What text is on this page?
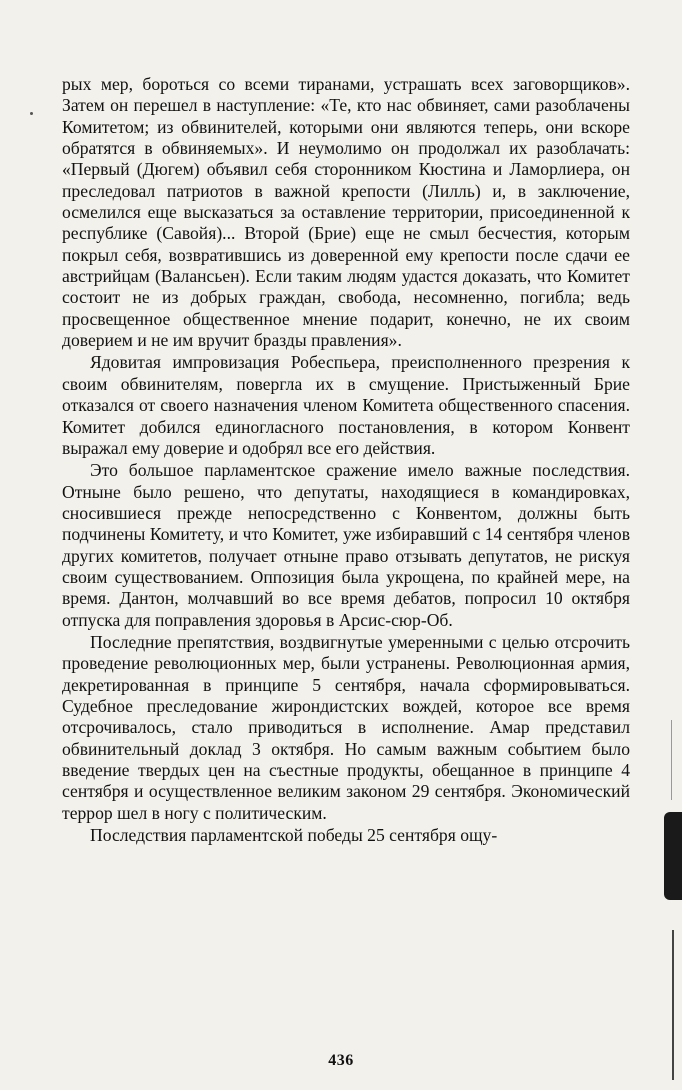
рых мер, бороться со всеми тиранами, устрашать всех заговорщиков». Затем он перешел в наступление: «Те, кто нас обвиняет, сами разоблачены Комитетом; из обвинителей, которыми они являются теперь, они вскоре обратятся в обвиняемых». И неумолимо он продолжал их разоблачать: «Первый (Дюгем) объявил себя сторонником Кюстина и Ламорлиера, он преследовал патриотов в важной крепости (Лилль) и, в заключение, осмелился еще высказаться за оставление территории, присоединенной к республике (Савойя)... Второй (Брие) еще не смыл бесчестия, которым покрыл себя, возвратившись из доверенной ему крепости после сдачи ее австрийцам (Валансьен). Если таким людям удастся доказать, что Комитет состоит не из добрых граждан, свобода, несомненно, погибла; ведь просвещенное общественное мнение подарит, конечно, не их своим доверием и не им вручит бразды правления».

Ядовитая импровизация Робеспьера, преисполненного презрения к своим обвинителям, повергла их в смущение. Пристыженный Брие отказался от своего назначения членом Комитета общественного спасения. Комитет добился единогласного постановления, в котором Конвент выражал ему доверие и одобрял все его действия.

Это большое парламентское сражение имело важные последствия. Отныне было решено, что депутаты, находящиеся в командировках, сносившиеся прежде непосредственно с Конвентом, должны быть подчинены Комитету, и что Комитет, уже избиравший с 14 сентября членов других комитетов, получает отныне право отзывать депутатов, не рискуя своим существованием. Оппозиция была укрощена, по крайней мере, на время. Дантон, молчавший во все время дебатов, попросил 10 октября отпуска для поправления здоровья в Арсис-сюр-Об.

Последние препятствия, воздвигнутые умеренными с целью отсрочить проведение революционных мер, были устранены. Революционная армия, декретированная в принципе 5 сентября, начала сформировываться. Судебное преследование жирондистских вождей, которое все время отсрочивалось, стало приводиться в исполнение. Амар представил обвинительный доклад 3 октября. Но самым важным событием было введение твердых цен на съестные продукты, обещанное в принципе 4 сентября и осуществленное великим законом 29 сентября. Экономический террор шел в ногу с политическим.

Последствия парламентской победы 25 сентября ощу-

436
